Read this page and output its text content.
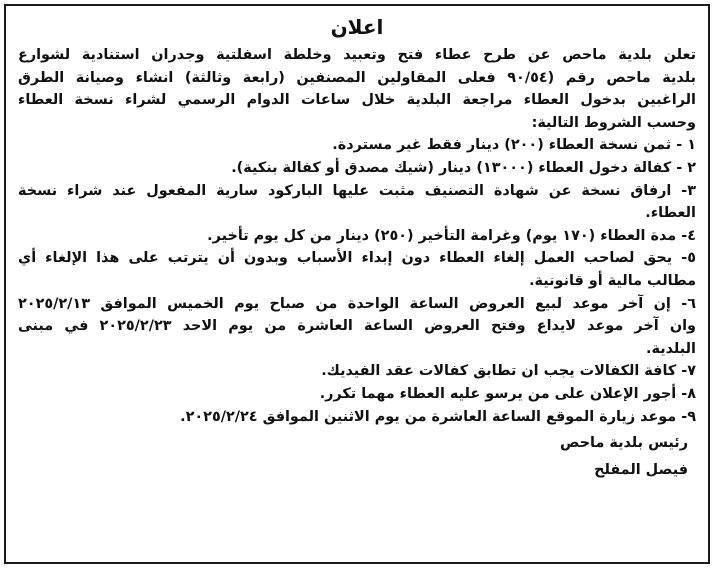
اعلان
تعلن بلدية ماحص عن طرح عطاء فتح وتعبيد وخلطة اسفلتية وجدران استنادية لشوارع
بلدية ماحص رقم (٩٠/٥٤ فعلى المقاولين المصنفين (رابعة وثالثة) انشاء وصيانة الطرق
الراغبين بدخول العطاء مراجعة البلدية خلال ساعات الدوام الرسمي لشراء نسخة العطاء
وحسب الشروط التالية:
١ - ثمن نسخة العطاء (٢٠٠) دينار فقط غير مستردة.
٢ - كفالة دخول العطاء (١٣٠٠٠) دينار (شيك مصدق أو كفالة بنكية).
٣- ارفاق نسخة عن شهادة التصنيف مثبت عليها الباركود سارية المفعول عند شراء نسخة
العطاء.
٤- مدة العطاء (١٧٠ يوم) وغرامة التأخير (٢٥٠) دينار من كل يوم تأخير.
٥- يحق لصاحب العمل إلغاء العطاء دون إبداء الأسباب وبدون أن يترتب على هذا الإلغاء أي
مطالب مالية أو قانونية.
٦- إن آخر موعد لبيع العروض الساعة الواحدة من صباح يوم الخميس الموافق ٢٠٢٥/٢/١٣
وان آخر موعد لايداع وفتح العروض الساعة العاشرة من يوم الاحد ٢٠٢٥/٢/٢٣ في مبنى
البلدية.
٧- كافة الكفالات يجب ان تطابق كفالات عقد الفيديك.
٨- أجور الإعلان على من يرسو عليه العطاء مهما تكرر.
٩- موعد زيارة الموقع الساعة العاشرة من يوم الاثنين الموافق ٢٠٢٥/٢/٢٤.
رئيس بلدية ماحص
فيصل المفلح
